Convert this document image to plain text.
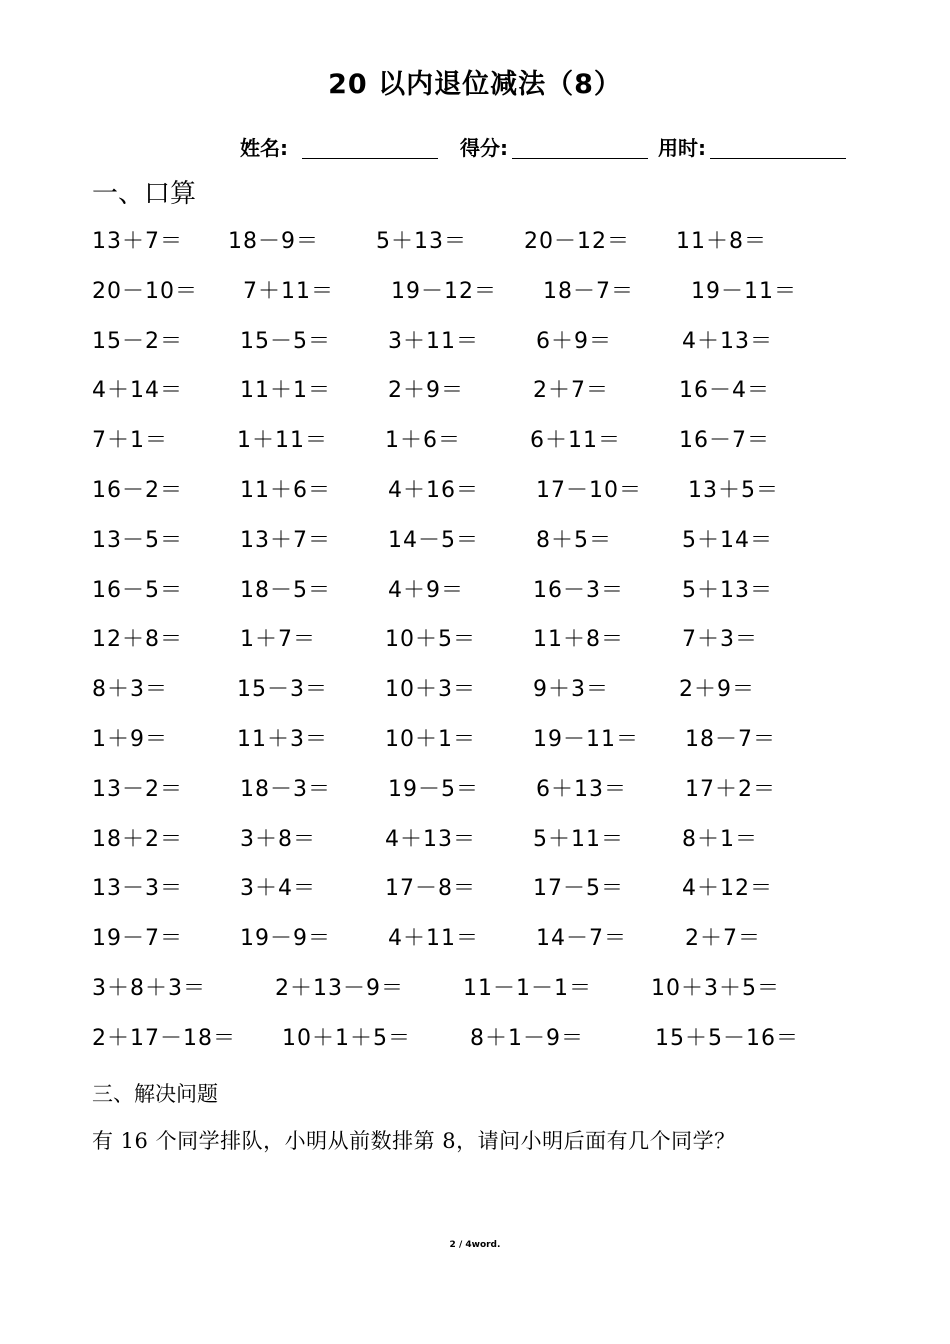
20 以内退位减法（8）
姓名:	得分:	用时:
一、口算
13＋7＝ 18－9＝	5＋13＝	20－12＝ 11＋8＝
20－10＝ 7＋11＝	19－12＝ 18－7＝	19－11＝
15－2＝	15－5＝	3＋11＝	6＋9＝	4＋13＝
4＋14＝	11＋1＝	2＋9＝	2＋7＝	16－4＝
7＋1＝	1＋11＝	1＋6＝	6＋11＝	16－7＝
16－2＝	11＋6＝	4＋16＝	17－10＝ 13＋5＝
13－5＝	13＋7＝	14－5＝	8＋5＝	5＋14＝
16－5＝	18－5＝	4＋9＝	16－3＝	5＋13＝
12＋8＝	1＋7＝	10＋5＝	11＋8＝	7＋3＝
8＋3＝	15－3＝	10＋3＝	9＋3＝	2＋9＝
1＋9＝	11＋3＝	10＋1＝	19－11＝ 18－7＝
13－2＝	18－3＝	19－5＝	6＋13＝	17＋2＝
18＋2＝	3＋8＝	4＋13＝	5＋11＝	8＋1＝
13－3＝	3＋4＝	17－8＝	17－5＝	4＋12＝
19－7＝	19－9＝	4＋11＝	14－7＝	2＋7＝
3＋8＋3＝	2＋13－9＝	11－1－1＝	10＋3＋5＝
2＋17－18＝ 10＋1＋5＝	8＋1－9＝	15＋5－16＝
三、解决问题
有 16 个同学排队，小明从前数排第 8，请问小明后面有几个同学？
2 / 4word.
